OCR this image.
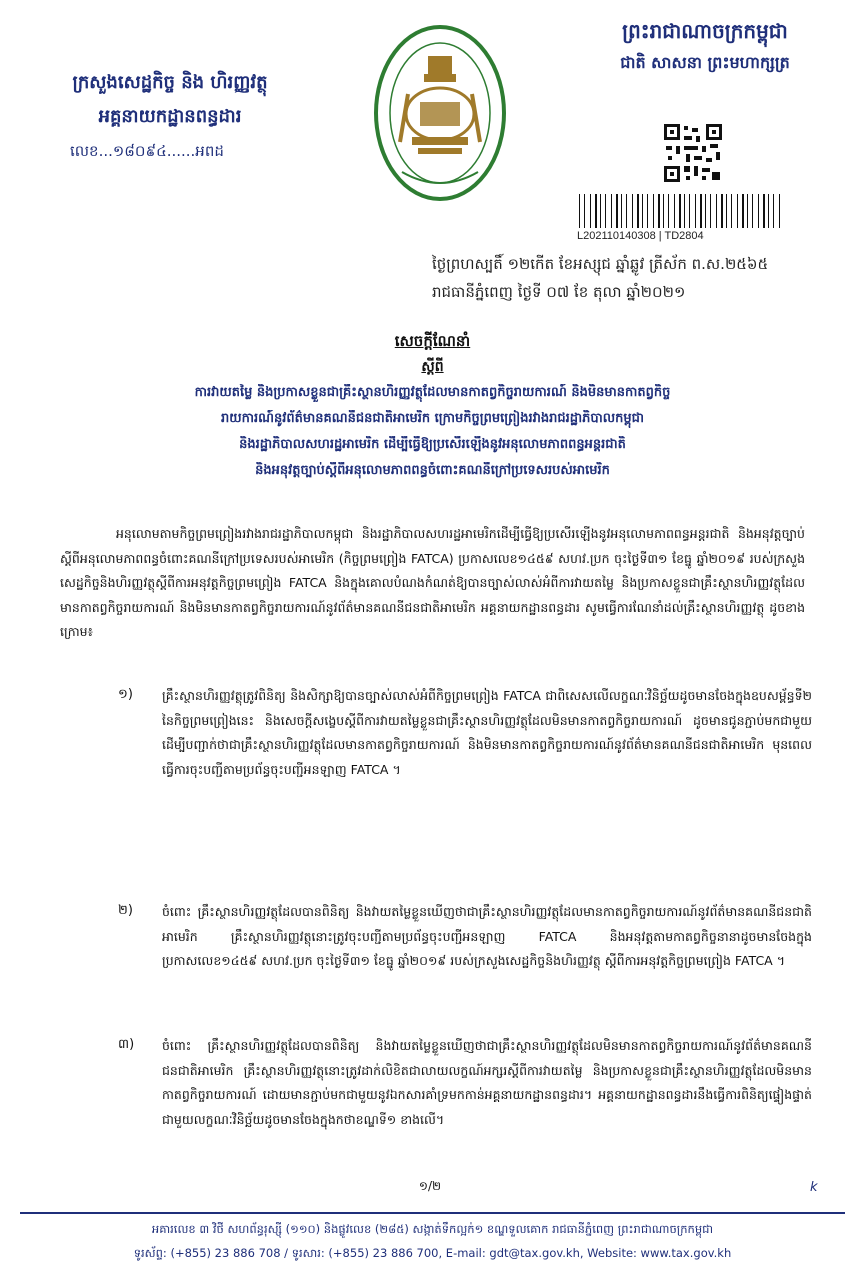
ក្រសួងសេដ្ឋកិច្ច និង ហិរញ្ញវត្ថុ
អគ្គនាយកដ្ឋានពន្ធដារ
លេខ...១៨០៩៤......អពដ
ព្រះរាជាណាចក្រកម្ពុជា
ជាតិ សាសនា ព្រះមហាក្សត្រ
L202110140308 | TD2804
ថ្ងៃព្រហស្បតិ៍ ១២កើត ខែអស្សុជ ឆ្នាំឆ្លូវ ត្រីស័ក ព.ស.២៥៦៥
រាជធានីភ្នំពេញ ថ្ងៃទី ០៧ ខែ តុលា ឆ្នាំ២០២១
សេចក្តីណែនាំ
ស្តីពី
ការវាយតម្លៃ និងប្រកាសខ្លួនជាគ្រឹះស្ថានហិរញ្ញវត្ថុដែលមានកាតព្វកិច្ចរាយការណ៍ និងមិនមានកាតព្វកិច្ច
រាយការណ៍នូវព័ត៌មានគណនីជនជាតិអាមេរិក ក្រោមកិច្ចព្រមព្រៀងរវាងរាជរដ្ឋាភិបាលកម្ពុជា
និងរដ្ឋាភិបាលសហរដ្ឋអាមេរិក ដើម្បីធ្វើឱ្យប្រសើរឡើងនូវអនុលោមភាពពន្ធអន្តរជាតិ
និងអនុវត្តច្បាប់ស្តីពីអនុលោមភាពពន្ធចំពោះគណនីក្រៅប្រទេសរបស់អាមេរិក
អនុលោមតាមកិច្ចព្រមព្រៀងរវាងរាជរដ្ឋាភិបាលកម្ពុជា និងរដ្ឋាភិបាលសហរដ្ឋអាមេរិកដើម្បីធ្វើឱ្យប្រសើរឡើងនូវអនុលោមភាពពន្ធអន្តរជាតិ និងអនុវត្តច្បាប់ស្តីពីអនុលោមភាពពន្ធចំពោះគណនីក្រៅប្រទេសរបស់អាមេរិក (កិច្ចព្រមព្រៀង FATCA) ប្រកាសលេខ១៤៥៩ សហវ.ប្រក ចុះថ្ងៃទី៣១ ខែធ្នូ ឆ្នាំ២០១៩ របស់ក្រសួងសេដ្ឋកិច្ចនិងហិរញ្ញវត្ថុស្តីពីការអនុវត្តកិច្ចព្រមព្រៀង FATCA និងក្នុងគោលបំណងកំណត់ឱ្យបានច្បាស់លាស់អំពីការវាយតម្លៃ និងប្រកាសខ្លួនជាគ្រឹះស្ថានហិរញ្ញវត្ថុដែលមានកាតព្វកិច្ចរាយការណ៍ និងមិនមានកាតព្វកិច្ចរាយការណ៍នូវព័ត៌មានគណនីជនជាតិអាមេរិក អគ្គនាយកដ្ឋានពន្ធដារ សូមធ្វើការណែនាំដល់គ្រឹះស្ថានហិរញ្ញវត្ថុ ដូចខាងក្រោម៖
១) គ្រឹះស្ថានហិរញ្ញវត្ថុត្រូវពិនិត្យ និងសិក្សាឱ្យបានច្បាស់លាស់អំពីកិច្ចព្រមព្រៀង FATCA ជាពិសេសលើលក្ខណៈវិនិច្ឆ័យដូចមានចែងក្នុងឧបសម្ព័ន្ធទី២ នៃកិច្ចព្រមព្រៀងនេះ និងសេចក្តីសង្ខេបស្តីពីការវាយតម្លៃខ្លួនជាគ្រឹះស្ថានហិរញ្ញវត្ថុដែលមិនមានកាតព្វកិច្ចរាយការណ៍ ដូចមានជូនភ្ជាប់មកជាមួយ ដើម្បីបញ្ជាក់ថាជាគ្រឹះស្ថានហិរញ្ញវត្ថុដែលមានកាតព្វកិច្ចរាយការណ៍ និងមិនមានកាតព្វកិច្ចរាយការណ៍នូវព័ត៌មានគណនីជនជាតិអាមេរិក មុនពេលធ្វើការចុះបញ្ជីតាមប្រព័ន្ធចុះបញ្ជីអនឡាញ FATCA ។
២) ចំពោះ គ្រឹះស្ថានហិរញ្ញវត្ថុដែលបានពិនិត្យ និងវាយតម្លៃខ្លួនឃើញថាជាគ្រឹះស្ថានហិរញ្ញវត្ថុដែលមានកាតព្វកិច្ចរាយការណ៍នូវព័ត៌មានគណនីជនជាតិអាមេរិក គ្រឹះស្ថានហិរញ្ញវត្ថុនោះត្រូវចុះបញ្ជីតាមប្រព័ន្ធចុះបញ្ជីអនឡាញ FATCA និងអនុវត្តតាមកាតព្វកិច្ចនានាដូចមានចែងក្នុងប្រកាសលេខ១៤៥៩ សហវ.ប្រក ចុះថ្ងៃទី៣១ ខែធ្នូ ឆ្នាំ២០១៩ របស់ក្រសួងសេដ្ឋកិច្ចនិងហិរញ្ញវត្ថុ ស្តីពីការអនុវត្តកិច្ចព្រមព្រៀង FATCA ។
៣) ចំពោះ គ្រឹះស្ថានហិរញ្ញវត្ថុដែលបានពិនិត្យ និងវាយតម្លៃខ្លួនឃើញថាជាគ្រឹះស្ថានហិរញ្ញវត្ថុដែលមិនមានកាតព្វកិច្ចរាយការណ៍នូវព័ត៌មានគណនីជនជាតិអាមេរិក គ្រឹះស្ថានហិរញ្ញវត្ថុនោះត្រូវដាក់លិខិតជាលាយលក្ខណ៍អក្សរស្តីពីការវាយតម្លៃ និងប្រកាសខ្លួនជាគ្រឹះស្ថានហិរញ្ញវត្ថុដែលមិនមានកាតព្វកិច្ចរាយការណ៍ ដោយមានភ្ជាប់មកជាមួយនូវឯកសារគាំទ្រមកកាន់អគ្គនាយកដ្ឋានពន្ធដារ។ អគ្គនាយកដ្ឋានពន្ធដារនឹងធ្វើការពិនិត្យផ្ទៀងផ្ទាត់ជាមួយលក្ខណៈវិនិច្ឆ័យដូចមានចែងក្នុងកថាខណ្ឌទី១ ខាងលើ។
១/២	k
អគារលេខ ៣ វិថី សហព័ន្ធរុស្ស៊ី (១១០) និងផ្លូវលេខ (២៨៥) សង្កាត់ទឹកល្អក់១ ខណ្ឌទួលគោក រាជធានីភ្នំពេញ ព្រះរាជាណាចក្រកម្ពុជា
ទូរស័ព្ទ: (+855) 23 886 708 / ទូរសារ: (+855) 23 886 700, E-mail: gdt@tax.gov.kh, Website: www.tax.gov.kh
